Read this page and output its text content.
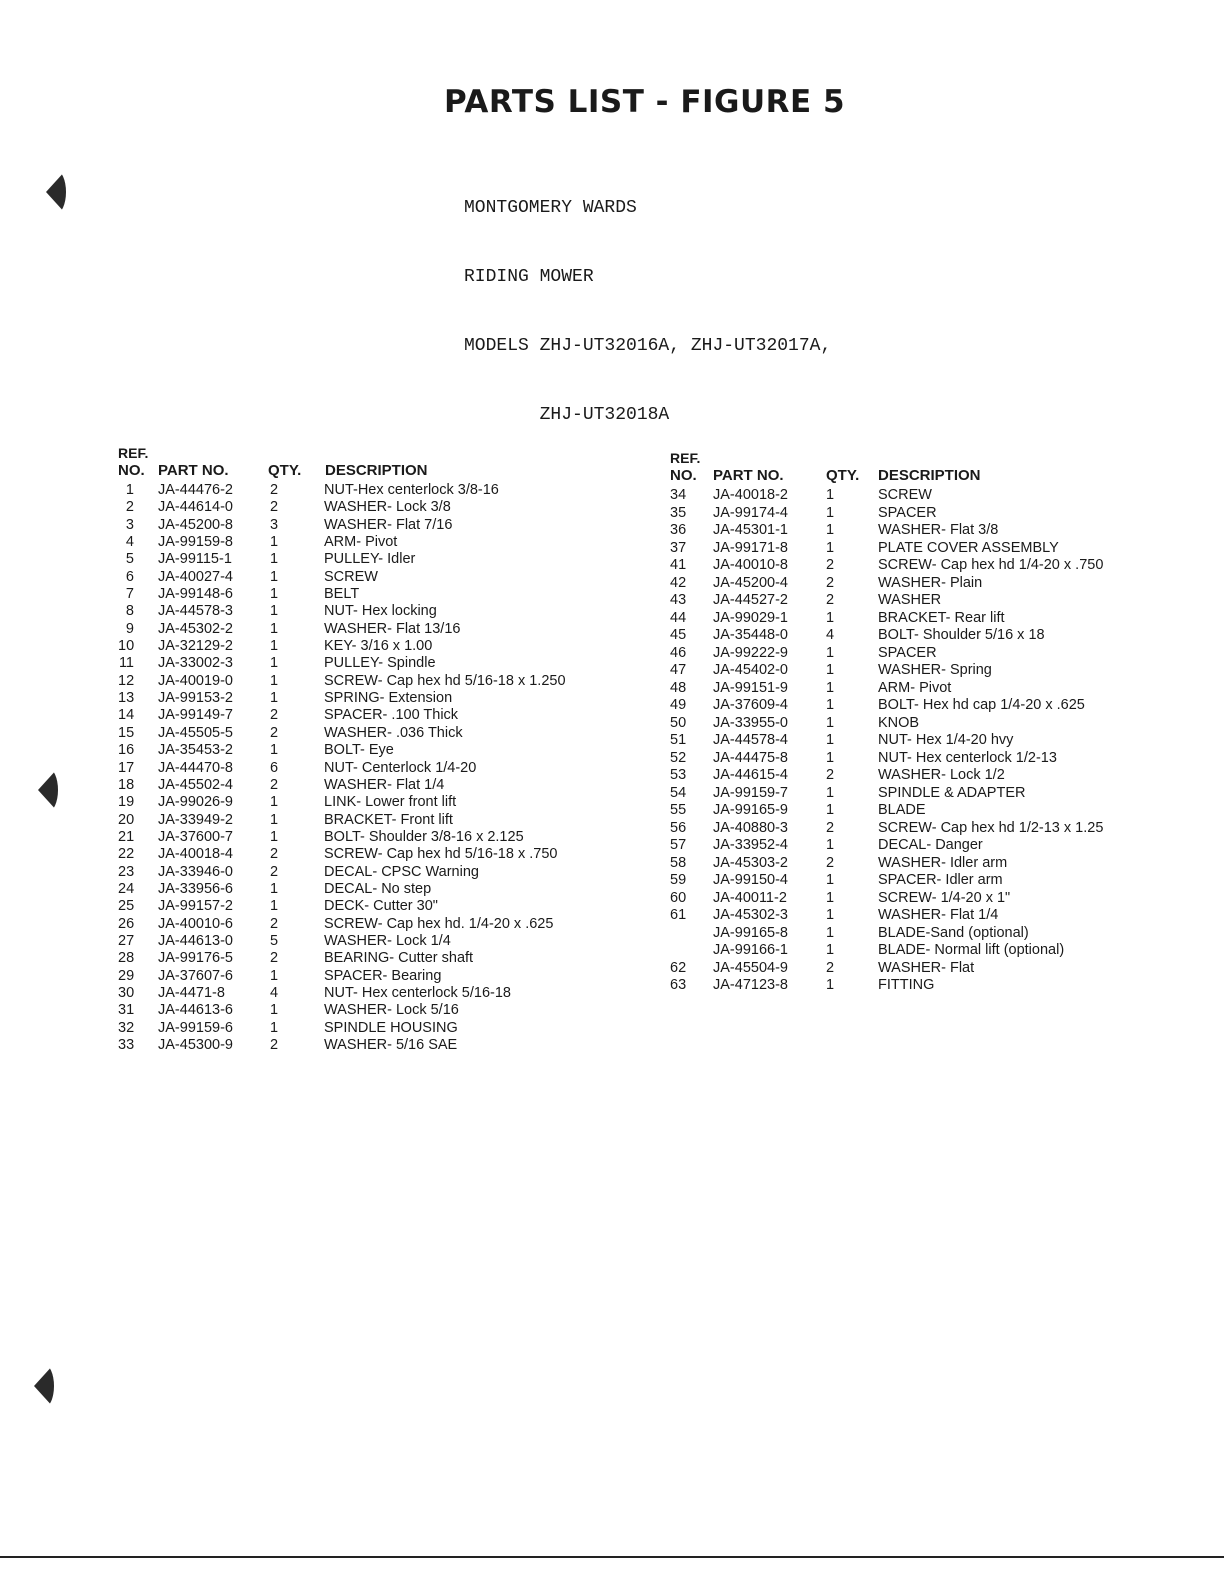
PARTS LIST - FIGURE 5

MONTGOMERY WARDS

RIDING MOWER

MODELS ZHJ-UT32016A, ZHJ-UT32017A,

ZHJ-UT32018A

REF.
NO. PART NO.	QTY. DESCRIPTION
1 JA-44476-2	2	NUT-Hex centerlock 3/8-16
2 JA-44614-0	2	WASHER- Lock 3/8
3 JA-45200-8	3	WASHER- Flat 7/16
4 JA-99159-8	1	ARM- Pivot
5 JA-99115-1	1	PULLEY- Idler
6 JA-40027-4	1	SCREW
7 JA-99148-6	1	BELT
8 JA-44578-3	1	NUT- Hex locking
9 JA-45302-2	1	WASHER- Flat 13/16
10 JA-32129-2	1	KEY- 3/16 x 1.00
11 JA-33002-3	1	PULLEY- Spindle
12 JA-40019-0	1	SCREW- Cap hex hd 5/16-18 x 1.250
13 JA-99153-2	1	SPRING- Extension
14 JA-99149-7	2	SPACER- .100 Thick
15 JA-45505-5	2	WASHER- .036 Thick
16 JA-35453-2	1	BOLT- Eye
17 JA-44470-8	6	NUT- Centerlock 1/4-20
18 JA-45502-4	2	WASHER- Flat 1/4
19 JA-99026-9	1	LINK- Lower front lift
20 JA-33949-2	1	BRACKET- Front lift
21 JA-37600-7	1	BOLT- Shoulder 3/8-16 x 2.125
22 JA-40018-4	2	SCREW- Cap hex hd 5/16-18 x .750
23 JA-33946-0	2	DECAL- CPSC Warning
24 JA-33956-6	1	DECAL- No step
25 JA-99157-2	1	DECK- Cutter 30"
26 JA-40010-6	2	SCREW- Cap hex hd. 1/4-20 x .625
27 JA-44613-0	5	WASHER- Lock 1/4
28 JA-99176-5	2	BEARING- Cutter shaft
29 JA-37607-6	1	SPACER- Bearing
30 JA-4471-8	4	NUT- Hex centerlock 5/16-18
31 JA-44613-6	1	WASHER- Lock 5/16
32 JA-99159-6	1	SPINDLE HOUSING
33 JA-45300-9	2	WASHER- 5/16 SAE
REF.
NO. PART NO.	QTY. DESCRIPTION
34 JA-40018-2	1	SCREW
35 JA-99174-4	1	SPACER
36 JA-45301-1	1	WASHER- Flat 3/8
37 JA-99171-8	1	PLATE COVER ASSEMBLY
41 JA-40010-8	2	SCREW- Cap hex hd 1/4-20 x .750
42 JA-45200-4	2	WASHER- Plain
43 JA-44527-2	2	WASHER
44 JA-99029-1	1	BRACKET- Rear lift
45 JA-35448-0	4	BOLT- Shoulder 5/16 x 18
46 JA-99222-9	1	SPACER
47 JA-45402-0	1	WASHER- Spring
48 JA-99151-9	1	ARM- Pivot
49 JA-37609-4	1	BOLT- Hex hd cap 1/4-20 x .625
50 JA-33955-0	1	KNOB
51 JA-44578-4	1	NUT- Hex 1/4-20 hvy
52 JA-44475-8	1	NUT- Hex centerlock 1/2-13
53 JA-44615-4	2	WASHER- Lock 1/2
54 JA-99159-7	1	SPINDLE & ADAPTER
55 JA-99165-9	1	BLADE
56 JA-40880-3	2	SCREW- Cap hex hd 1/2-13 x 1.25
57 JA-33952-4	1	DECAL- Danger
58 JA-45303-2	2	WASHER- Idler arm
59 JA-99150-4	1	SPACER- Idler arm
60 JA-40011-2	1	SCREW- 1/4-20 x 1"
61 JA-45302-3	1	WASHER- Flat 1/4
JA-99165-8	1	BLADE-Sand (optional)
JA-99166-1	1	BLADE- Normal lift (optional)
62 JA-45504-9	2	WASHER- Flat
63 JA-47123-8	1	FITTING
